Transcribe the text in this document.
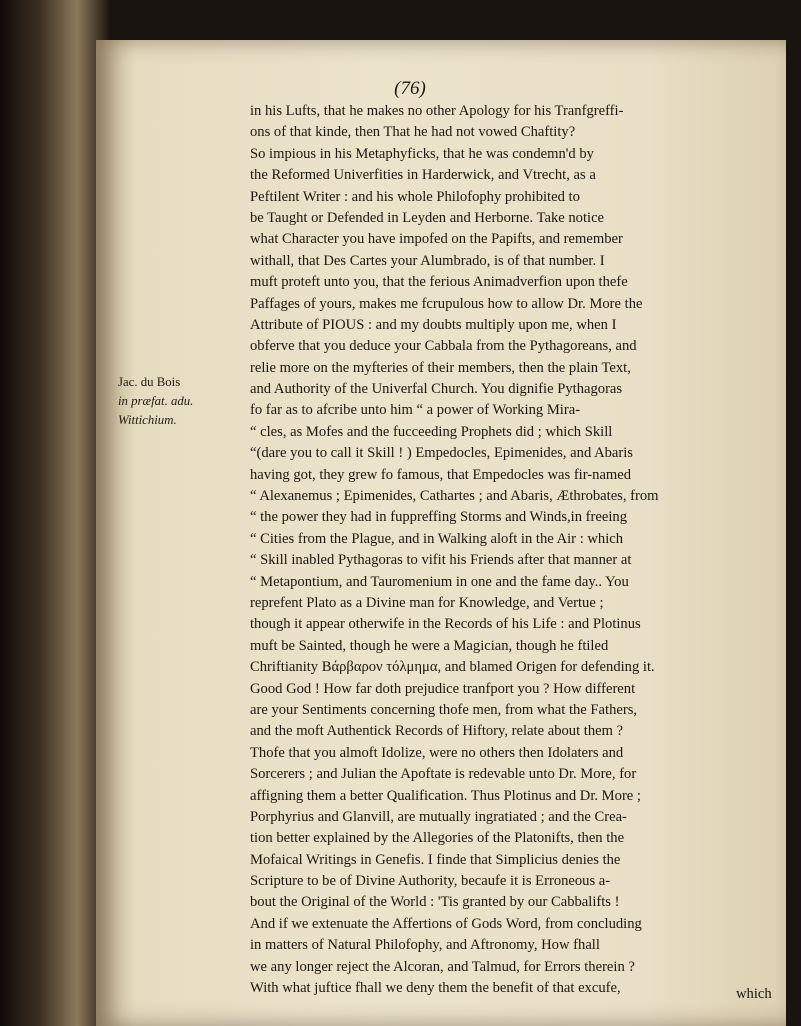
(76)
Jac. du Bois
in præfat. adu.
Wittichium.
in his Lufts, that he makes no other Apology for his Tranfgreffi-
ons of that kinde, then That he had not vowed Chaftity?
So impious in his Metaphyficks, that he was condemn'd by
the Reformed Univerfities in Harderwick, and Vtrecht, as a
Peftilent Writer : and his whole Philofophy prohibited to
be Taught or Defended in Leyden and Herborne. Take notice
what Character you have impofed on the Papifts, and remember
withall, that Des Cartes your Alumbrado, is of that number. I
muft proteft unto you, that the ferious Animadverfion upon thefe
Paffages of yours, makes me fcrupulous how to allow Dr. More the
Attribute of PIOUS : and my doubts multiply upon me, when I
obferve that you deduce your Cabbala from the Pythagoreans, and
relie more on the myfteries of their members, then the plain Text,
and Authority of the Univerfal Church. You dignifie Pythagoras
fo far as to afcribe unto him “ a power of Working Mira-
“ cles, as Mofes and the fucceeding Prophets did ; which Skill
“(dare you to call it Skill ! ) Empedocles, Epimenides, and Abaris
having got, they grew fo famous, that Empedocles was fir-named
“ Alexanemus ; Epimenides, Cathartes ; and Abaris, Æthrobates, from
“ the power they had in fuppreffing Storms and Winds,in freeing
“ Cities from the Plague, and in Walking aloft in the Air : which
“ Skill inabled Pythagoras to vifit his Friends after that manner at
“ Metapontium, and Tauromenium in one and the fame day.. You
reprefent Plato as a Divine man for Knowledge, and Vertue ;
though it appear otherwife in the Records of his Life : and Plotinus
muft be Sainted, though he were a Magician, though he ftiled
Chriftianity Βάρβαρον τόλμημα, and blamed Origen for defending it.
Good God ! How far doth prejudice tranfport you ? How different
are your Sentiments concerning thofe men, from what the Fathers,
and the moft Authentick Records of Hiftory, relate about them ?
Thofe that you almoft Idolize, were no others then Idolaters and
Sorcerers ; and Julian the Apoftate is redevable unto Dr. More, for
affigning them a better Qualification. Thus Plotinus and Dr. More ;
Porphyrius and Glanvill, are mutually ingratiated ; and the Crea-
tion better explained by the Allegories of the Platonifts, then the
Mofaical Writings in Genefis. I finde that Simplicius denies the
Scripture to be of Divine Authority, becaufe it is Erroneous a-
bout the Original of the World : 'Tis granted by our Cabbalifts !
And if we extenuate the Affertions of Gods Word, from concluding
in matters of Natural Philofophy, and Aftronomy, How fhall
we any longer reject the Alcoran, and Talmud, for Errors therein ?
With what juftice fhall we deny them the benefit of that excufe,	which
